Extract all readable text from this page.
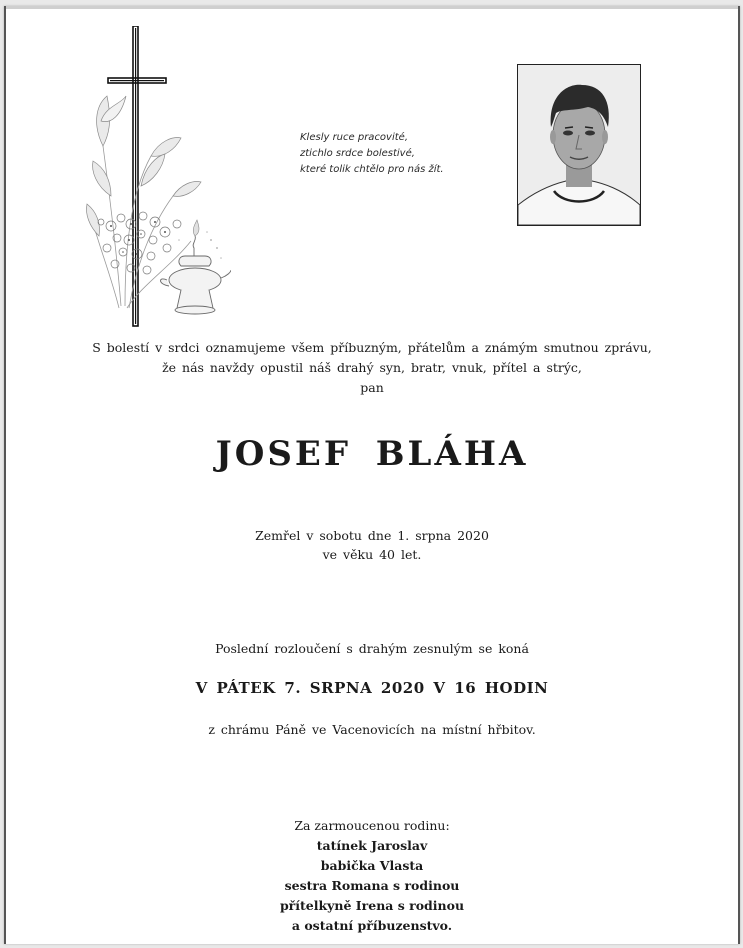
Klesly ruce pracovité,
ztichlo srdce bolestivé,
které tolik chtělo pro nás žít.
S bolestí v srdci oznamujeme všem příbuzným, přátelům a známým smutnou zprávu,
že nás navždy opustil náš drahý syn, bratr, vnuk, přítel a strýc,
pan
JOSEF BLÁHA
Zemřel v sobotu dne 1. srpna 2020
ve věku 40 let.
Poslední rozloučení s drahým zesnulým se koná
V PÁTEK 7. SRPNA 2020 V 16 HODIN
z chrámu Páně ve Vacenovicích na místní hřbitov.
Za zarmoucenou rodinu:
tatínek Jaroslav
babička Vlasta
sestra Romana s rodinou
přítelkyně Irena s rodinou
a ostatní příbuzenstvo.
